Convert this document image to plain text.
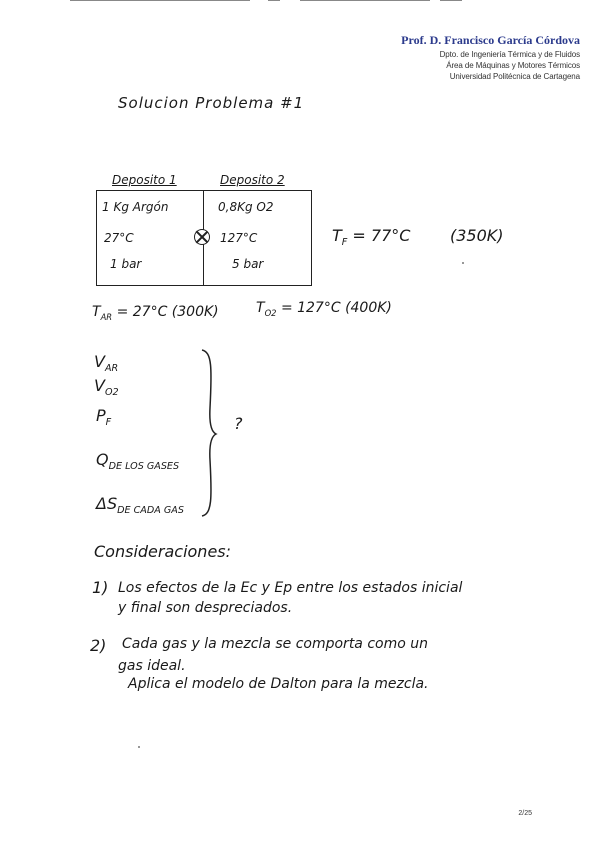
Prof. D. Francisco García Córdova
Dpto. de Ingeniería Térmica y de Fluidos
Área de Máquinas y Motores Térmicos
Universidad Politécnica de Cartagena
Solucion Problema #1
Deposito 1	Deposito 2
1 Kg Argón
27°C
1 bar
0,8Kg O2
127°C
5 bar
$T_F = 77^\circ C$ (350K)
$T_{AR} = 27^\circ C$ (300K)	$T_{O2} = 127^\circ C$ (400K)
$V_{AR}$
$V_{O2}$
$P_F$
$Q_{DE LOS GASES}$
$\Delta S_{DE CADA GAS}$
?
Consideraciones:
1) Los efectos de la Ec y Ep entre los estados inicial
y final son despreciados.
2) Cada gas y la mezcla se comporta como un
gas ideal.
Aplica el modelo de Dalton para la mezcla.
2/25
